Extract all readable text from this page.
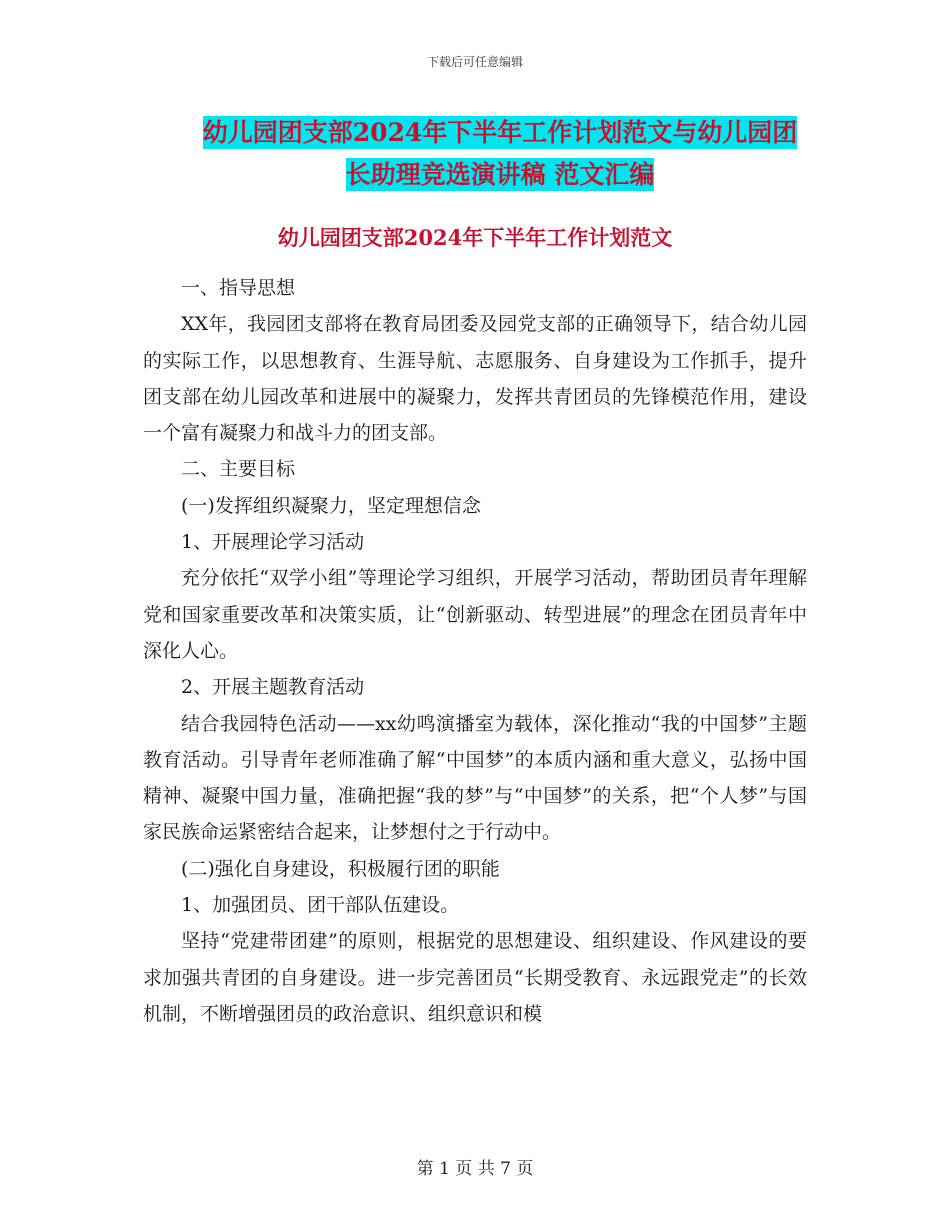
下载后可任意编辑
幼儿园团支部2024年下半年工作计划范文与幼儿园团
长助理竞选演讲稿 范文汇编
幼儿园团支部2024年下半年工作计划范文

一、指导思想

XX年，我园团支部将在教育局团委及园党支部的正确领导下，结合幼儿园的实际工作，以思想教育、生涯导航、志愿服务、自身建设为工作抓手，提升团支部在幼儿园改革和进展中的凝聚力，发挥共青团员的先锋模范作用，建设一个富有凝聚力和战斗力的团支部。

二、主要目标

(一)发挥组织凝聚力，坚定理想信念

1、开展理论学习活动

充分依托“双学小组”等理论学习组织，开展学习活动，帮助团员青年理解党和国家重要改革和决策实质，让“创新驱动、转型进展”的理念在团员青年中深化人心。

2、开展主题教育活动

结合我园特色活动——xx幼鸣演播室为载体，深化推动“我的中国梦”主题教育活动。引导青年老师准确了解“中国梦”的本质内涵和重大意义，弘扬中国精神、凝聚中国力量，准确把握“我的梦”与“中国梦”的关系，把“个人梦”与国家民族命运紧密结合起来，让梦想付之于行动中。

(二)强化自身建设，积极履行团的职能

1、加强团员、团干部队伍建设。

坚持“党建带团建”的原则，根据党的思想建设、组织建设、作风建设的要求加强共青团的自身建设。进一步完善团员“长期受教育、永远跟党走”的长效机制，不断增强团员的政治意识、组织意识和模

第 1 页 共 7 页
